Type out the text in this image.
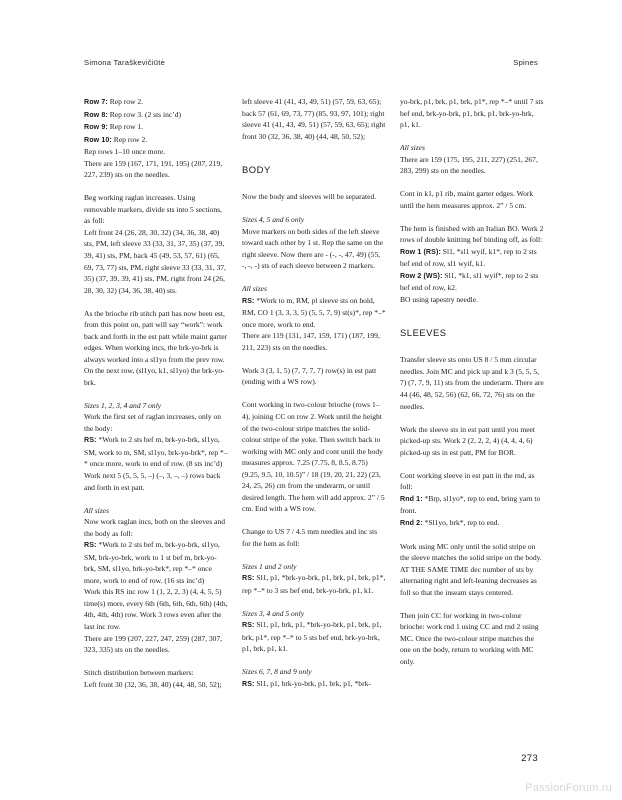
Simona Tarаškevičiūtė	Spines

Row 7: Rep row 2.

Row 8: Rep row 3. (2 sts inc’d)

Row 9: Rep row 1.

Row 10: Rep row 2.

Rep rows 1–10 once more.

There are 159 (167, 171, 191, 195) (207, 219, 227, 239) sts on the needles.

Beg working raglan increases. Using removable markers, divide sts into 5 sections, as foll:

Left front 24 (26, 28, 30, 32) (34, 36, 38, 40) sts, PM, left sleeve 33 (33, 31, 37, 35) (37, 39, 39, 41) sts, PM, back 45 (49, 53, 57, 61) (65, 69, 73, 77) sts, PM, right sleeve 33 (33, 31, 37, 35) (37, 39, 39, 41) sts, PM, right front 24 (26, 28, 30, 32) (34, 36, 38, 40) sts.

As the brioche rib stitch patt has now been est, from this point on, patt will say “work”: work back and forth in the est patt while maint garter edges. When working incs, the brk-yo-brk is always worked into a sl1yo from the prev row. On the next row, (sl1yo, k1, sl1yo) the brk-yo-brk.

Sizes 1, 2, 3, 4 and 7 only

Work the first set of raglan increases, only on the body:

RS: *Work to 2 sts bef m, brk-yo-brk, sl1yo, SM, work to m, SM, sl1yo, brk-yo-brk*, rep *–* once more, work to end of row. (8 sts inc’d)

Work next 5 (5, 5, 5, –) (–, 3, –, –) rows back and forth in est patt.

All sizes

Now work raglan incs, both on the sleeves and the body as foll:

RS: *Work to 2 sts bef m, brk-yo-brk, sl1yo, SM, brk-yo-brk, work to 1 st bef m, brk-yo-brk, SM, sl1yo, brk-yo-brk*, rep *–* once more, work to end of row. (16 sts inc’d)

Work this RS inc row 1 (1, 2, 2, 3) (4, 4, 5, 5) time(s) more, every 6th (6th, 6th, 6th, 6th) (4th, 4th, 4th, 4th) row. Work 3 rows even after the last inc row.

There are 199 (207, 227, 247, 259) (287, 307, 323, 335) sts on the needles.

Stitch distribution between markers:

Left front 30 (32, 36, 38, 40) (44, 48, 50, 52);

left sleeve 41 (41, 43, 49, 51) (57, 59, 63, 65); back 57 (61, 69, 73, 77) (85, 93, 97, 101); right sleeve 41 (41, 43, 49, 51) (57, 59, 63, 65); right front 30 (32, 36, 38, 40) (44, 48, 50, 52);

BODY

Now the body and sleeves will be separated.

Sizes 4, 5 and 6 only

Move markers on both sides of the left sleeve toward each other by 1 st. Rep the same on the right sleeve. Now there are - (-, -, 47, 49) (55, -, -, -) sts of each sleeve between 2 markers.

All sizes

RS: *Work to m, RM, pl sleeve sts on hold, RM, CO 1 (3, 3, 3, 5) (5, 5, 7, 9) st(s)*, rep *–* once more, work to end.

There are 119 (131, 147, 159, 171) (187, 199, 211, 223) sts on the needles.

Work 3 (3, 1, 5) (7, 7, 7, 7) row(s) in est patt (ending with a WS row).

Cont working in two-colour brioche (rows 1–4), joining CC on row 2. Work until the height of the two-colour stripe matches the solid-colour stripe of the yoke. Then switch back to working with MC only and cont until the body measures approx. 7.25 (7.75, 8, 8.5, 8.75) (9.25, 9.5, 10, 10.5)” / 18 (19, 20, 21, 22) (23, 24, 25, 26) cm from the underarm, or until desired length. The hem will add approx. 2” / 5 cm. End with a WS row.

Change to US 7 / 4.5 mm needles and inc sts for the hem as foll:

Sizes 1 and 2 only

RS: Sl1, p1, *brk-yo-brk, p1, brk, p1, brk, p1*, rep *–* to 3 sts bef end, brk-yo-brk, p1, k1.

Sizes 3, 4 and 5 only

RS: Sl1, p1, brk, p1, *brk-yo-brk, p1, brk, p1, brk, p1*, rep *–* to 5 sts bef end, brk-yo-brk, p1, brk, p1, k1.

Sizes 6, 7, 8 and 9 only

RS: Sl1, p1, brk-yo-brk, p1, brk, p1, *brk-

yo-brk, p1, brk, p1, brk, p1*, rep *–* until 7 sts bef end, brk-yo-brk, p1, brk, p1, brk-yo-brk, p1, k1.

All sizes

There are 159 (175, 195, 211, 227) (251, 267, 283, 299) sts on the needles.

Cont in k1, p1 rib, maint garter edges. Work until the hem measures approx. 2” / 5 cm.

The hem is finished with an Italian BO. Work 2 rows of double knitting bef binding off, as foll:

Row 1 (RS): Sl1, *sl1 wyif, k1*, rep to 2 sts bef end of row, sl1 wyif, k1.

Row 2 (WS): Sl1, *k1, sl1 wyif*, rep to 2 sts bef end of row, k2.

BO using tapestry needle.

SLEEVES

Transfer sleeve sts onto US 8 / 5 mm circular needles. Join MC and pick up and k 3 (5, 5, 5, 7) (7, 7, 9, 11) sts from the underarm. There are 44 (46, 48, 52, 56) (62, 66, 72, 76) sts on the needles.

Work the sleeve sts in est patt until you meet picked-up sts. Work 2 (2, 2, 2, 4) (4, 4, 4, 6) picked-up sts in est patt, PM for BOR.

Cont working sleeve in est patt in the rnd, as foll:

Rnd 1: *Brp, sl1yo*, rep to end, bring yarn to front.

Rnd 2: *Sl1yo, brk*, rep to end.

Work using MC only until the solid stripe on the sleeve matches the solid stripe on the body. AT THE SAME TIME dec number of sts by alternating right and left-leaning decreases as foll so that the inseam stays centered.

Then join CC for working in two-colour brioche: work rnd 1 using CC and rnd 2 using MC. Once the two-colour stripe matches the one on the body, return to working with MC only.

273
PassionForum.ru
